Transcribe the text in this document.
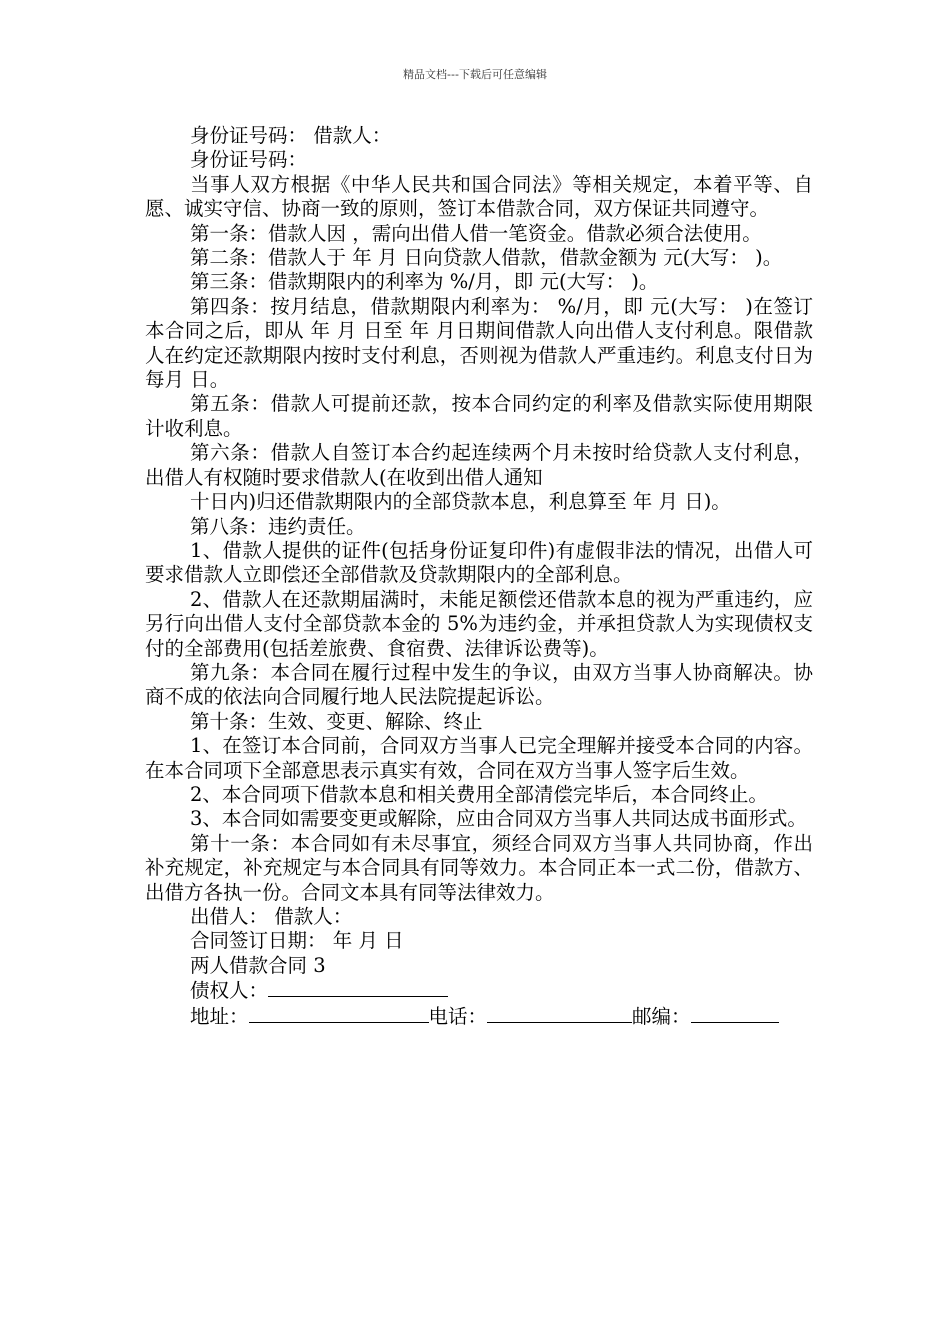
精品文档---下载后可任意编辑

身份证号码： 借款人：

身份证号码：

当事人双方根据《中华人民共和国合同法》等相关规定，本着平等、自愿、诚实守信、协商一致的原则，签订本借款合同，双方保证共同遵守。

第一条：借款人因 ，需向出借人借一笔资金。借款必须合法使用。

第二条：借款人于 年 月 日向贷款人借款，借款金额为 元(大写： )。

第三条：借款期限内的利率为 %/月，即 元(大写： )。

第四条：按月结息，借款期限内利率为： %/月，即 元(大写： )在签订本合同之后，即从 年 月 日至 年 月日期间借款人向出借人支付利息。限借款人在约定还款期限内按时支付利息，否则视为借款人严重违约。利息支付日为每月 日。

第五条：借款人可提前还款，按本合同约定的利率及借款实际使用期限计收利息。

第六条：借款人自签订本合约起连续两个月未按时给贷款人支付利息，出借人有权随时要求借款人(在收到出借人通知

十日内)归还借款期限内的全部贷款本息，利息算至 年 月 日)。

第八条：违约责任。

1、借款人提供的证件(包括身份证复印件)有虚假非法的情况，出借人可要求借款人立即偿还全部借款及贷款期限内的全部利息。

2、借款人在还款期届满时，未能足额偿还借款本息的视为严重违约，应另行向出借人支付全部贷款本金的 5%为违约金，并承担贷款人为实现债权支付的全部费用(包括差旅费、食宿费、法律诉讼费等)。

第九条：本合同在履行过程中发生的争议，由双方当事人协商解决。协商不成的依法向合同履行地人民法院提起诉讼。

第十条：生效、变更、解除、终止

1、在签订本合同前，合同双方当事人已完全理解并接受本合同的内容。在本合同项下全部意思表示真实有效，合同在双方当事人签字后生效。

2、本合同项下借款本息和相关费用全部清偿完毕后，本合同终止。

3、本合同如需要变更或解除，应由合同双方当事人共同达成书面形式。

第十一条：本合同如有未尽事宜，须经合同双方当事人共同协商，作出补充规定，补充规定与本合同具有同等效力。本合同正本一式二份，借款方、出借方各执一份。合同文本具有同等法律效力。

出借人： 借款人：

合同签订日期： 年 月 日

两人借款合同 3

债权人：

地址：	电话：	邮编：
